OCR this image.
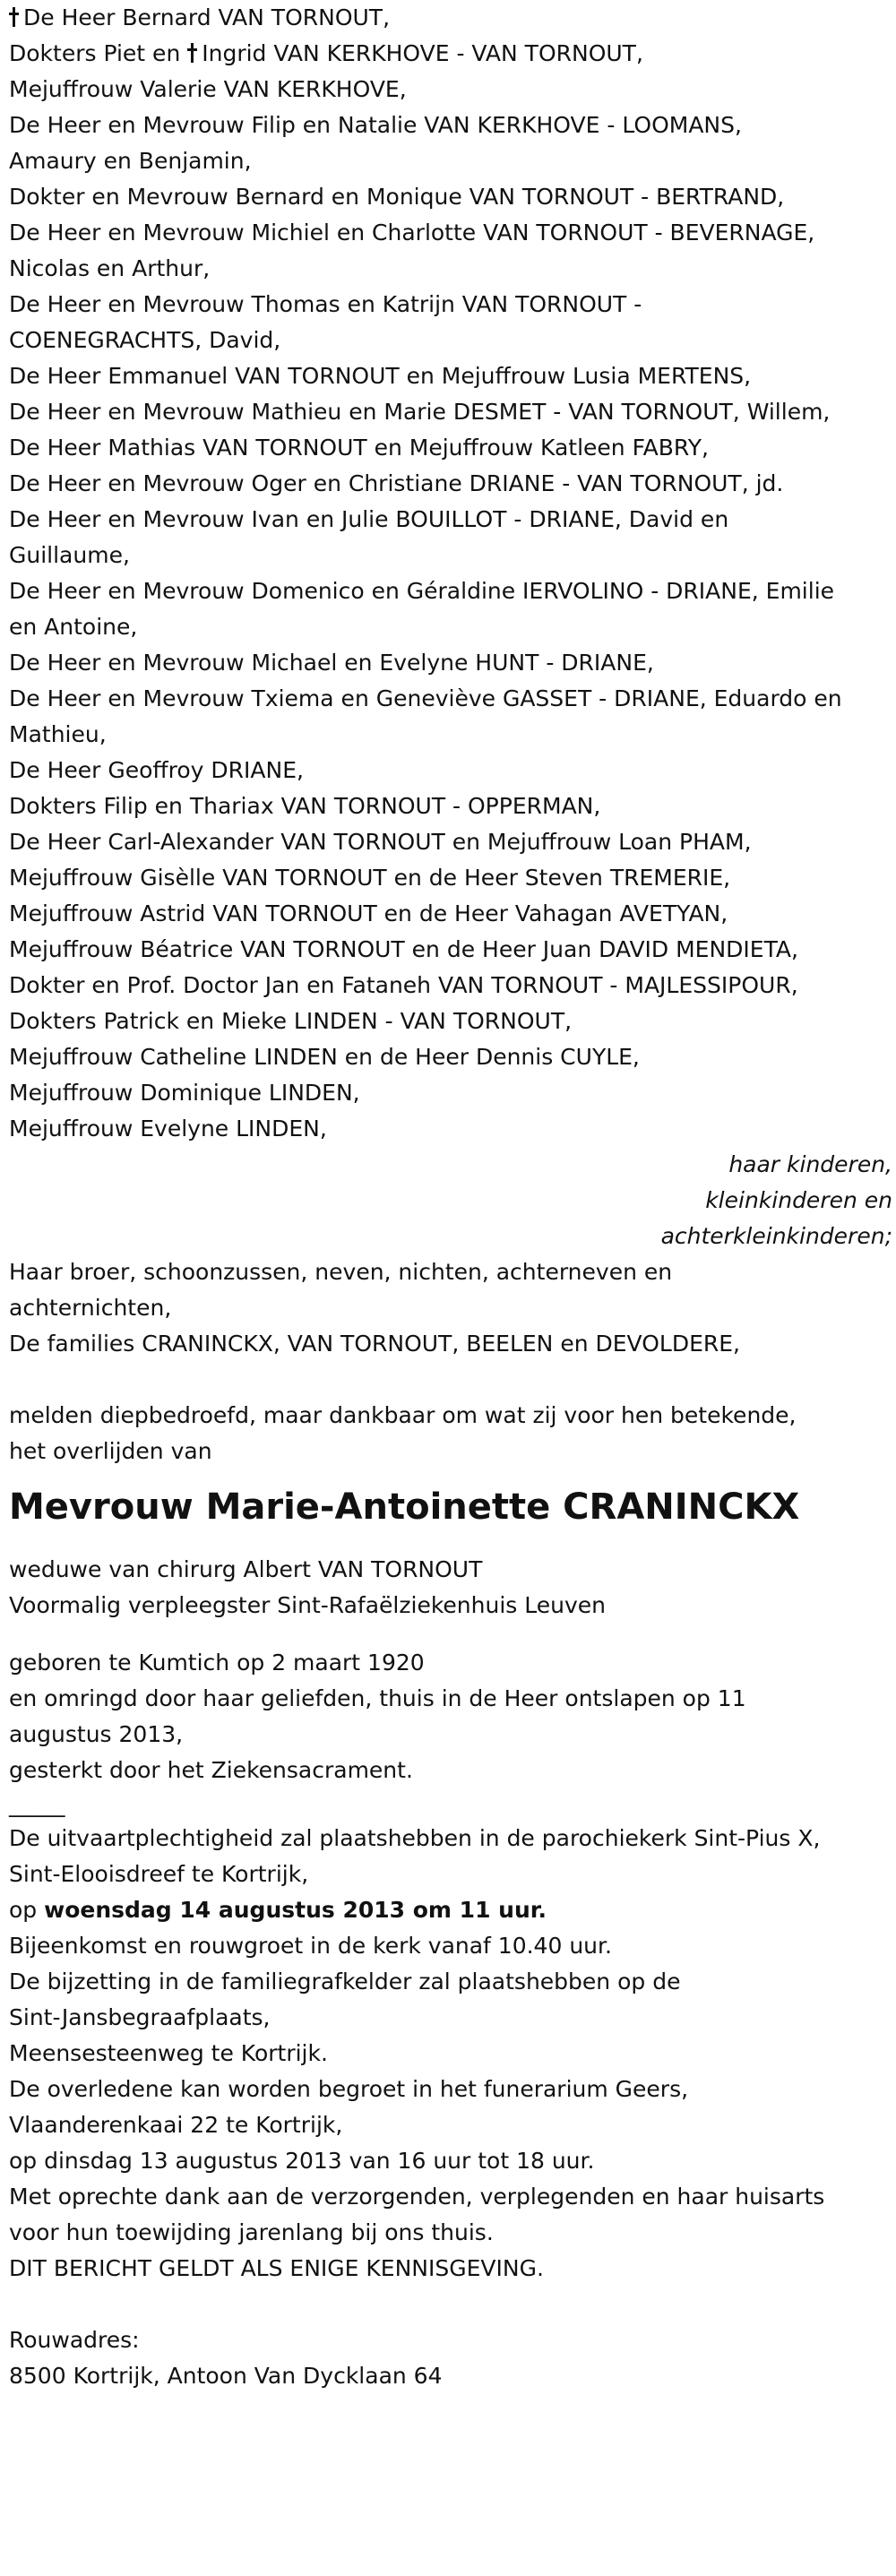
De Heer Bernard VAN TORNOUT,

Dokters Piet en Ingrid VAN KERKHOVE - VAN TORNOUT,

Mejuffrouw Valerie VAN KERKHOVE,

De Heer en Mevrouw Filip en Natalie VAN KERKHOVE - LOOMANS,

Amaury en Benjamin,

Dokter en Mevrouw Bernard en Monique VAN TORNOUT - BERTRAND,

De Heer en Mevrouw Michiel en Charlotte VAN TORNOUT - BEVERNAGE,

Nicolas en Arthur,

De Heer en Mevrouw Thomas en Katrijn VAN TORNOUT -

COENEGRACHTS, David,

De Heer Emmanuel VAN TORNOUT en Mejuffrouw Lusia MERTENS,

De Heer en Mevrouw Mathieu en Marie DESMET - VAN TORNOUT, Willem,

De Heer Mathias VAN TORNOUT en Mejuffrouw Katleen FABRY,

De Heer en Mevrouw Oger en Christiane DRIANE - VAN TORNOUT, jd.

De Heer en Mevrouw Ivan en Julie BOUILLOT - DRIANE, David en

Guillaume,

De Heer en Mevrouw Domenico en Géraldine IERVOLINO - DRIANE, Emilie

en Antoine,

De Heer en Mevrouw Michael en Evelyne HUNT - DRIANE,

De Heer en Mevrouw Txiema en Geneviève GASSET - DRIANE, Eduardo en

Mathieu,

De Heer Geoffroy DRIANE,

Dokters Filip en Thariax VAN TORNOUT - OPPERMAN,

De Heer Carl-Alexander VAN TORNOUT en Mejuffrouw Loan PHAM,

Mejuffrouw Gisèlle VAN TORNOUT en de Heer Steven TREMERIE,

Mejuffrouw Astrid VAN TORNOUT en de Heer Vahagan AVETYAN,

Mejuffrouw Béatrice VAN TORNOUT en de Heer Juan DAVID MENDIETA,

Dokter en Prof. Doctor Jan en Fataneh VAN TORNOUT - MAJLESSIPOUR,

Dokters Patrick en Mieke LINDEN - VAN TORNOUT,

Mejuffrouw Catheline LINDEN en de Heer Dennis CUYLE,

Mejuffrouw Dominique LINDEN,

Mejuffrouw Evelyne LINDEN,

haar kinderen,

kleinkinderen en

achterkleinkinderen;

Haar broer, schoonzussen, neven, nichten, achterneven en

achternichten,

De families CRANINCKX, VAN TORNOUT, BEELEN en DEVOLDERE,

melden diepbedroefd, maar dankbaar om wat zij voor hen betekende,

het overlijden van

Mevrouw Marie-Antoinette CRANINCKX

weduwe van chirurg Albert VAN TORNOUT

Voormalig verpleegster Sint-Rafaëlziekenhuis Leuven

geboren te Kumtich op 2 maart 1920

en omringd door haar geliefden, thuis in de Heer ontslapen op 11

augustus 2013,

gesterkt door het Ziekensacrament.

_____

De uitvaartplechtigheid zal plaatshebben in de parochiekerk Sint-Pius X,

Sint-Elooisdreef te Kortrijk,

op woensdag 14 augustus 2013 om 11 uur.

Bijeenkomst en rouwgroet in de kerk vanaf 10.40 uur.

De bijzetting in de familiegrafkelder zal plaatshebben op de

Sint-Jansbegraafplaats,

Meensesteenweg te Kortrijk.

De overledene kan worden begroet in het funerarium Geers,

Vlaanderenkaai 22 te Kortrijk,

op dinsdag 13 augustus 2013 van 16 uur tot 18 uur.

Met oprechte dank aan de verzorgenden, verplegenden en haar huisarts

voor hun toewijding jarenlang bij ons thuis.

DIT BERICHT GELDT ALS ENIGE KENNISGEVING.

Rouwadres:

8500 Kortrijk, Antoon Van Dycklaan 64
